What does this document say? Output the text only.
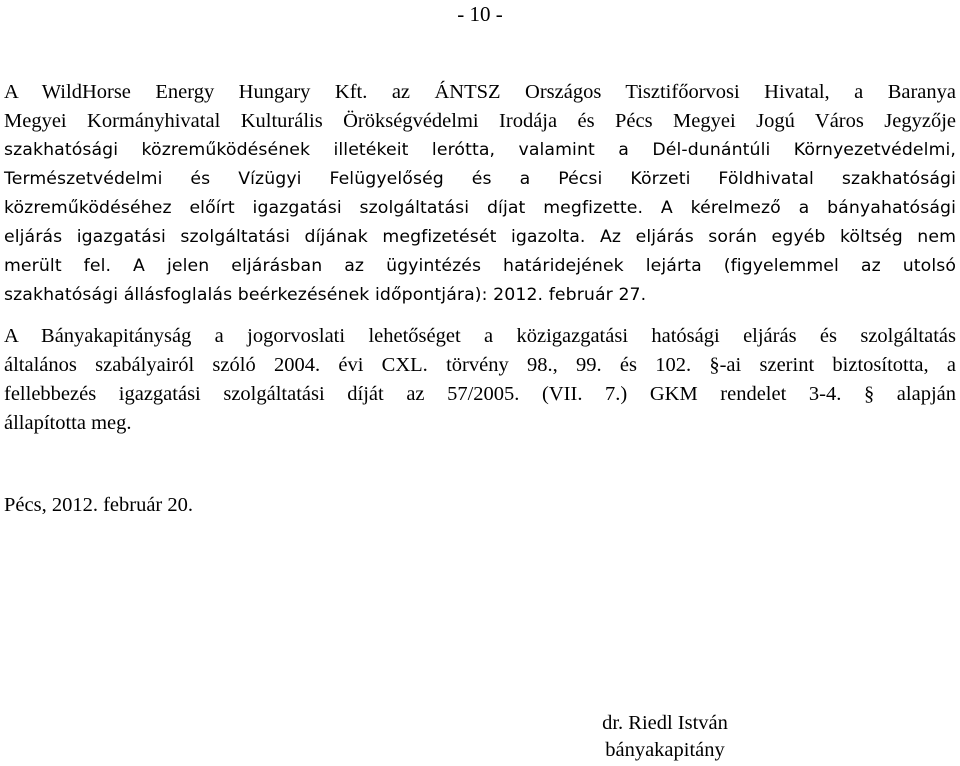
- 10 -
A WildHorse Energy Hungary Kft. az ÁNTSZ Országos Tisztifőorvosi Hivatal, a Baranya
Megyei Kormányhivatal Kulturális Örökségvédelmi Irodája és Pécs Megyei Jogú Város Jegyzője
szakhatósági közreműködésének illetékeit lerótta, valamint a Dél-dunántúli Környezetvédelmi,
Természetvédelmi és Vízügyi Felügyelőség és a Pécsi Körzeti Földhivatal szakhatósági
közreműködéséhez előírt igazgatási szolgáltatási díjat megfizette. A kérelmező a bányahatósági
eljárás igazgatási szolgáltatási díjának megfizetését igazolta. Az eljárás során egyéb költség nem
merült fel. A jelen eljárásban az ügyintézés határidejének lejárta (figyelemmel az utolsó
szakhatósági állásfoglalás beérkezésének időpontjára): 2012. február 27.
A Bányakapitányság a jogorvoslati lehetőséget a közigazgatási hatósági eljárás és szolgáltatás
általános szabályairól szóló 2004. évi CXL. törvény 98., 99. és 102. §-ai szerint biztosította, a
fellebbezés igazgatási szolgáltatási díját az 57/2005. (VII. 7.) GKM rendelet 3-4. § alapján
állapította meg.
Pécs, 2012. február 20.
dr. Riedl István
bányakapitány
